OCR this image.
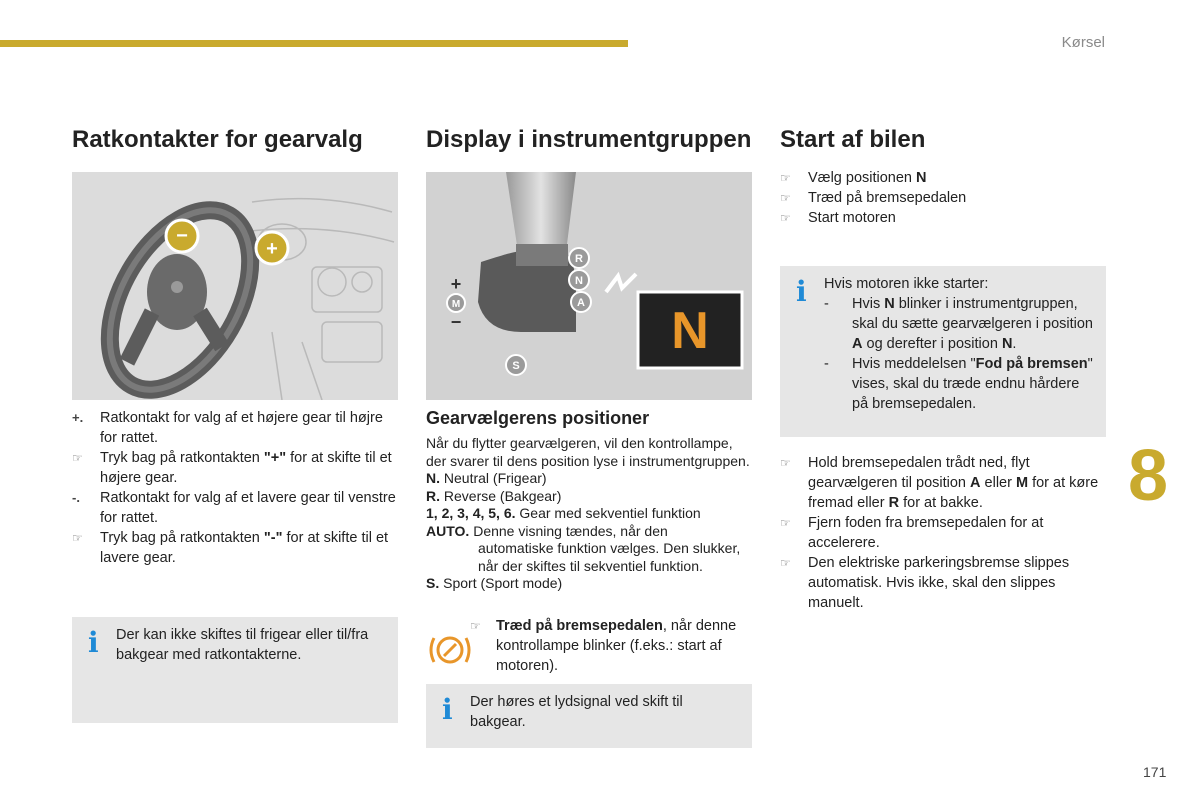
Kørsel
8
171
Ratkontakter for gearvalg
−
+
+. Ratkontakt for valg af et højere gear til højre for rattet.
☞ Tryk bag på ratkontakten "+" for at skifte til et højere gear.
-. Ratkontakt for valg af et lavere gear til venstre for rattet.
☞ Tryk bag på ratkontakten "-" for at skifte til et lavere gear.
i Der kan ikke skiftes til frigear eller til/fra bakgear med ratkontakterne.
Display i instrumentgruppen
R
N
A
S
+
M
−	N
Gearvælgerens positioner
Når du flytter gearvælgeren, vil den kontrollampe, der svarer til dens position lyse i instrumentgruppen.
N. Neutral (Frigear)
R. Reverse (Bakgear)
1, 2, 3, 4, 5, 6. Gear med sekventiel funktion
AUTO. Denne visning tændes, når den
automatiske funktion vælges. Den slukker,
når der skiftes til sekventiel funktion.
S. Sport (Sport mode)
☞ Træd på bremsepedalen, når denne kontrollampe blinker (f.eks.: start af motoren).
i Der høres et lydsignal ved skift til bakgear.
Start af bilen
☞ Vælg positionen N
☞ Træd på bremsepedalen
☞ Start motoren
i Hvis motoren ikke starter:
- Hvis N blinker i instrumentgruppen, skal du sætte gearvælgeren i position A og derefter i position N.
- Hvis meddelelsen "Fod på bremsen" vises, skal du træde endnu hårdere på bremsepedalen.
☞ Hold bremsepedalen trådt ned, flyt gearvælgeren til position A eller M for at køre fremad eller R for at bakke.
☞ Fjern foden fra bremsepedalen for at accelerere.
☞ Den elektriske parkeringsbremse slippes automatisk. Hvis ikke, skal den slippes manuelt.
